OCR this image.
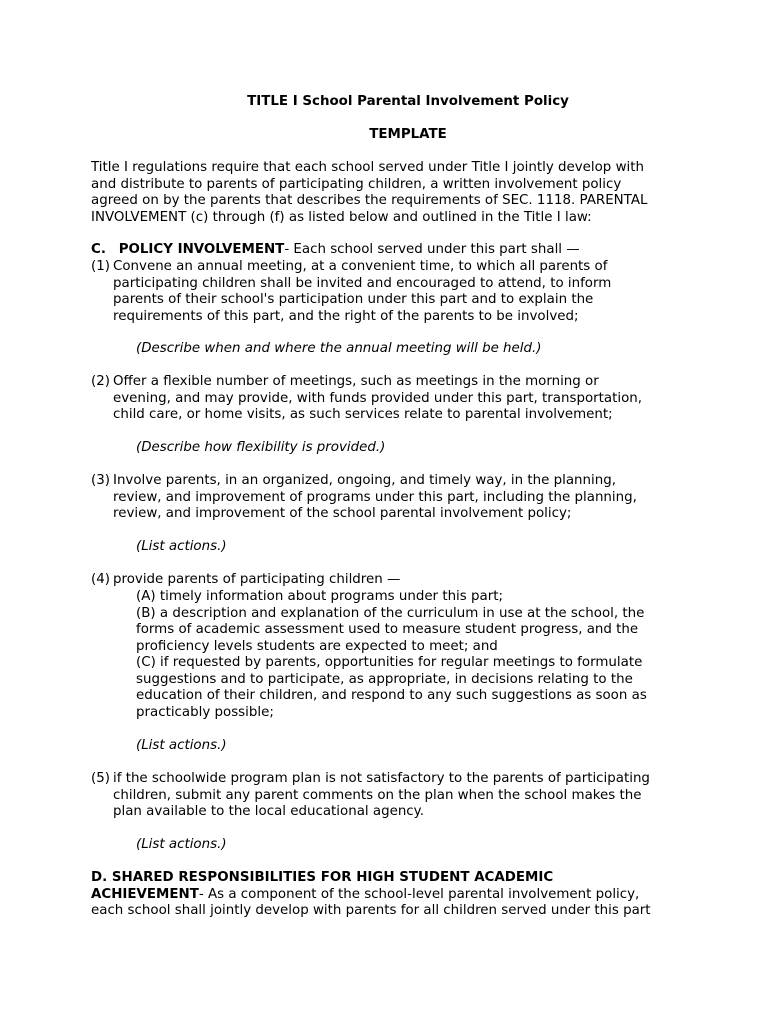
TITLE I School Parental Involvement Policy
TEMPLATE
Title I regulations require that each school served under Title I jointly develop with
and distribute to parents of participating children, a written involvement policy
agreed on by the parents that describes the requirements of SEC. 1118. PARENTAL
INVOLVEMENT (c) through (f) as listed below and outlined in the Title I law:
C. POLICY INVOLVEMENT- Each school served under this part shall —
(1) Convene an annual meeting, at a convenient time, to which all parents of
participating children shall be invited and encouraged to attend, to inform
parents of their school's participation under this part and to explain the
requirements of this part, and the right of the parents to be involved;
(Describe when and where the annual meeting will be held.)
(2) Offer a flexible number of meetings, such as meetings in the morning or
evening, and may provide, with funds provided under this part, transportation,
child care, or home visits, as such services relate to parental involvement;
(Describe how flexibility is provided.)
(3) Involve parents, in an organized, ongoing, and timely way, in the planning,
review, and improvement of programs under this part, including the planning,
review, and improvement of the school parental involvement policy;
(List actions.)
(4) provide parents of participating children —
(A) timely information about programs under this part;
(B) a description and explanation of the curriculum in use at the school, the
forms of academic assessment used to measure student progress, and the
proficiency levels students are expected to meet; and
(C) if requested by parents, opportunities for regular meetings to formulate
suggestions and to participate, as appropriate, in decisions relating to the
education of their children, and respond to any such suggestions as soon as
practicably possible;
(List actions.)
(5) if the schoolwide program plan is not satisfactory to the parents of participating
children, submit any parent comments on the plan when the school makes the
plan available to the local educational agency.
(List actions.)
D. SHARED RESPONSIBILITIES FOR HIGH STUDENT ACADEMIC
ACHIEVEMENT- As a component of the school-level parental involvement policy,
each school shall jointly develop with parents for all children served under this part
